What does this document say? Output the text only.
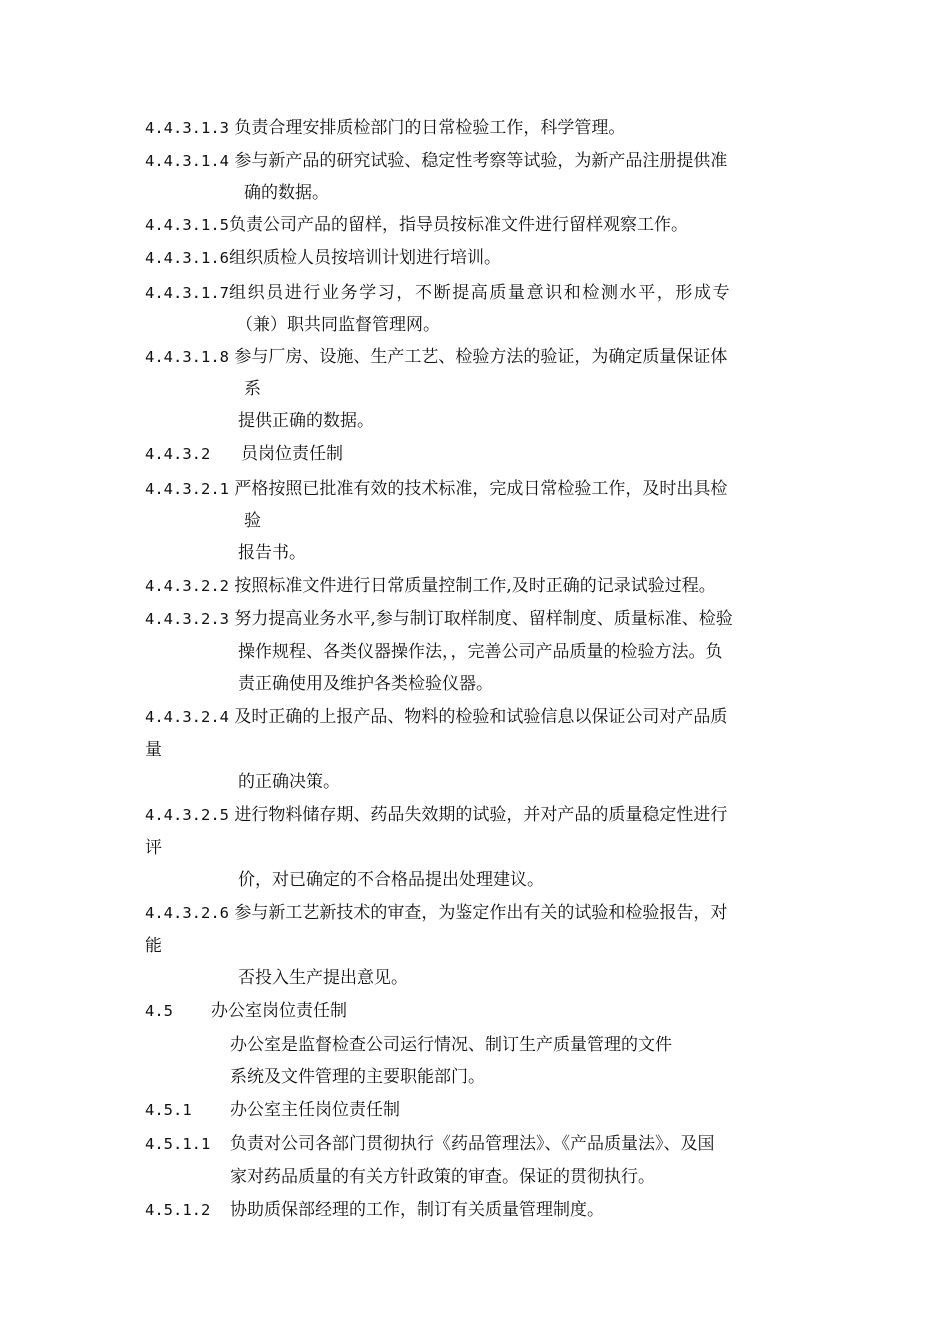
4.4.3.1.3 负责合理安排质检部门的日常检验工作，科学管理。
4.4.3.1.4 参与新产品的研究试验、稳定性考察等试验，为新产品注册提供准
确的数据。
4.4.3.1.5负责公司产品的留样，指导员按标准文件进行留样观察工作。
4.4.3.1.6组织质检人员按培训计划进行培训。
4.4.3.1.7组织员进行业务学习，不断提高质量意识和检测水平，形成专
（兼）职共同监督管理网。
4.4.3.1.8 参与厂房、设施、生产工艺、检验方法的验证，为确定质量保证体
系
提供正确的数据。
4.4.3.2 员岗位责任制
4.4.3.2.1 严格按照已批准有效的技术标准，完成日常检验工作，及时出具检
验
报告书。
4.4.3.2.2 按照标准文件进行日常质量控制工作,及时正确的记录试验过程。
4.4.3.2.3 努力提高业务水平,参与制订取样制度、留样制度、质量标准、检验
操作规程、各类仪器操作法，，完善公司产品质量的检验方法。负
责正确使用及维护各类检验仪器。
4.4.3.2.4 及时正确的上报产品、物料的检验和试验信息以保证公司对产品质
量
的正确决策。
4.4.3.2.5 进行物料储存期、药品失效期的试验，并对产品的质量稳定性进行
评
价，对已确定的不合格品提出处理建议。
4.4.3.2.6 参与新工艺新技术的审查，为鉴定作出有关的试验和检验报告，对
能
否投入生产提出意见。
4.5 办公室岗位责任制
办公室是监督检查公司运行情况、制订生产质量管理的文件
系统及文件管理的主要职能部门。
4.5.1 办公室主任岗位责任制
4.5.1.1 负责对公司各部门贯彻执行《药品管理法》、《产品质量法》、及国
家对药品质量的有关方针政策的审查。保证的贯彻执行。
4.5.1.2 协助质保部经理的工作，制订有关质量管理制度。
